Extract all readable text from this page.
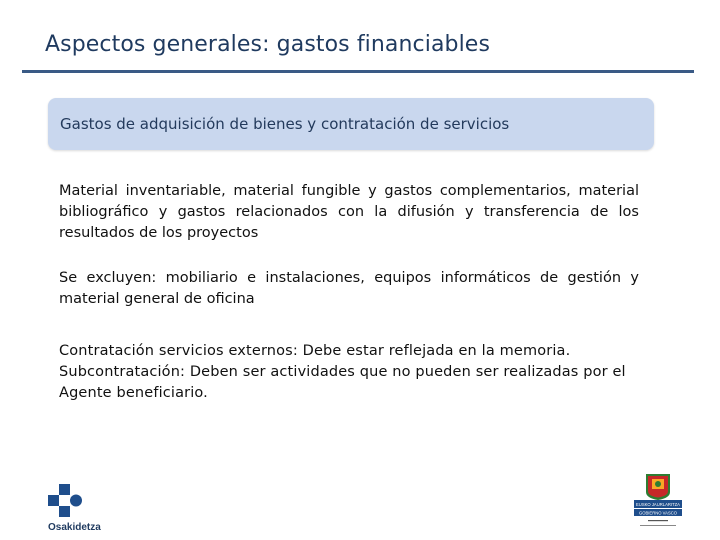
Aspectos generales: gastos financiables
Gastos de adquisición de bienes y contratación de servicios
Material inventariable, material fungible y gastos complementarios, material bibliográfico y gastos relacionados con la difusión y transferencia de los resultados de los proyectos
Se excluyen: mobiliario e instalaciones, equipos informáticos de gestión y material general de oficina
Contratación servicios externos: Debe estar reflejada en la memoria.
Subcontratación: Deben ser actividades que no pueden ser realizadas por el Agente beneficiario.
Osakidetza
EUSKO JAURLARITZA
GOBIERNO VASCO
